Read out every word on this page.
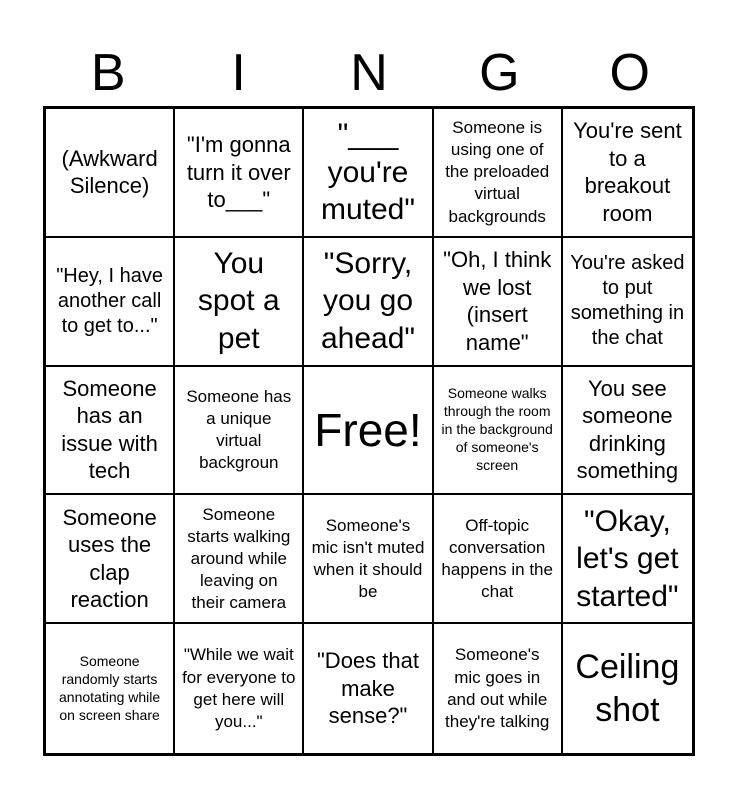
B	I	N	G	O
(Awkward Silence)
"I'm gonna turn it over to___"
"___ you're muted"
Someone is using one of the preloaded virtual backgrounds
You're sent to a breakout room
"Hey, I have another call to get to..."
You spot a pet
"Sorry, you go ahead"
"Oh, I think we lost (insert name"
You're asked to put something in the chat
Someone has an issue with tech
Someone has a unique virtual backgroun
Free!
Someone walks through the room in the background of someone's screen
You see someone drinking something
Someone uses the clap reaction
Someone starts walking around while leaving on their camera
Someone's mic isn't muted when it should be
Off-topic conversation happens in the chat
"Okay, let's get started"
Someone randomly starts annotating while on screen share
"While we wait for everyone to get here will you..."
"Does that make sense?"
Someone's mic goes in and out while they're talking
Ceiling shot
